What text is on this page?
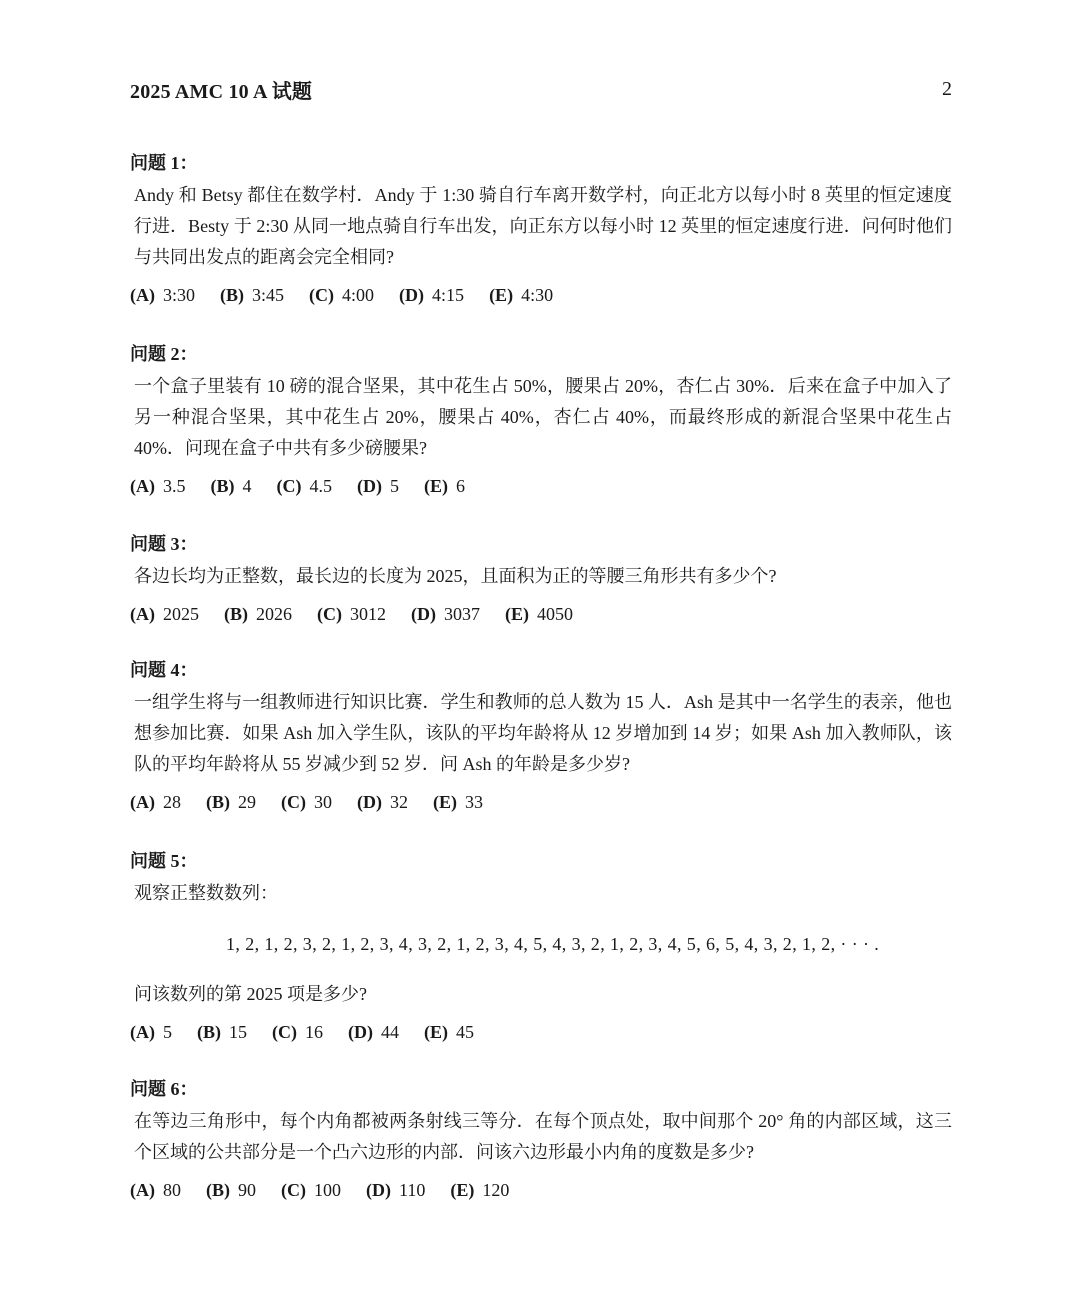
2025 AMC 10 A 试题	2
问题 1：
Andy 和 Betsy 都住在数学村．Andy 于 1:30 骑自行车离开数学村，向正北方以每小时 8 英里的恒定速度行进．Besty 于 2:30 从同一地点骑自行车出发，向正东方以每小时 12 英里的恒定速度行进．问何时他们与共同出发点的距离会完全相同?
(A) 3:30 (B) 3:45 (C) 4:00 (D) 4:15 (E) 4:30
问题 2：
一个盒子里装有 10 磅的混合坚果，其中花生占 50%，腰果占 20%，杏仁占 30%．后来在盒子中加入了另一种混合坚果，其中花生占 20%，腰果占 40%，杏仁占 40%，而最终形成的新混合坚果中花生占 40%．问现在盒子中共有多少磅腰果?
(A) 3.5 (B) 4 (C) 4.5 (D) 5 (E) 6
问题 3：
各边长均为正整数，最长边的长度为 2025，且面积为正的等腰三角形共有多少个?
(A) 2025 (B) 2026 (C) 3012 (D) 3037 (E) 4050
问题 4：
一组学生将与一组教师进行知识比赛．学生和教师的总人数为 15 人．Ash 是其中一名学生的表亲，他也想参加比赛．如果 Ash 加入学生队，该队的平均年龄将从 12 岁增加到 14 岁；如果 Ash 加入教师队，该队的平均年龄将从 55 岁减少到 52 岁．问 Ash 的年龄是多少岁?
(A) 28 (B) 29 (C) 30 (D) 32 (E) 33
问题 5：
观察正整数数列：
1, 2, 1, 2, 3, 2, 1, 2, 3, 4, 3, 2, 1, 2, 3, 4, 5, 4, 3, 2, 1, 2, 3, 4, 5, 6, 5, 4, 3, 2, 1, 2, · · · .
问该数列的第 2025 项是多少?
(A) 5 (B) 15 (C) 16 (D) 44 (E) 45
问题 6：
在等边三角形中，每个内角都被两条射线三等分．在每个顶点处，取中间那个 20° 角的内部区域，这三个区域的公共部分是一个凸六边形的内部．问该六边形最小内角的度数是多少?
(A) 80 (B) 90 (C) 100 (D) 110 (E) 120
